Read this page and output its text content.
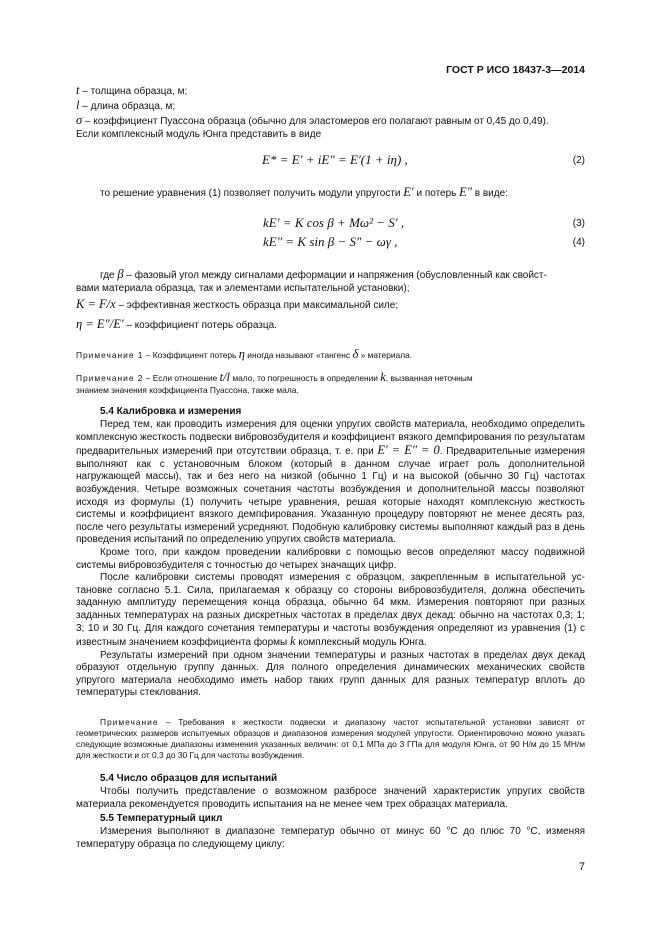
ГОСТ Р ИСО 18437-3—2014
t – толщина образца, м;
l – длина образца, м;
σ – коэффициент Пуассона образца (обычно для эластомеров его полагают равным от 0,45 до 0,49).
Если комплексный модуль Юнга представить в виде
E* = E′ + iE″ = E′(1 + iη) ,	(2)
то решение уравнения (1) позволяет получить модули упругости E′ и потерь E″ в виде:
kE′ = K cos β + Mω² − S′ ,	(3)
kE″ = K sin β − S″ − ωγ ,	(4)
где β – фазовый угол между сигналами деформации и напряжения (обусловленный как свойст-
вами материала образца, так и элементами испытательной установки);
K = F/x – эффективная жесткость образца при максимальной силе;
η = E″/E′ – коэффициент потерь образца.
Примечание 1 – Коэффициент потерь η иногда называют «тангенс δ » материала.
Примечание 2 – Если отношение t/l мало, то погрешность в определении k, вызванная неточным
знанием значения коэффициента Пуассона, также мала.
5.4 Калибровка и измерения

Перед тем, как проводить измерения для оценки упругих свойств материала, необходимо определить комплексную жесткость подвески вибровозбудителя и коэффициент вязкого демпфирования по результатам предварительных измерений при отсутствии образца, т. е. при E′ = E″ = 0. Предварительные измерения выполняют как с установочным блоком (который в данном случае играет роль дополнительной нагружающей массы), так и без него на низкой (обычно 1 Гц) и на высокой (обычно 30 Гц) частотах возбуждения. Четыре возможных сочетания частоты возбуждения и дополнительной массы позволяют исходя из формулы (1) получить четыре уравнения, решая которые находят комплексную жесткость системы и коэффициент вязкого демпфирования. Указанную процедуру повторяют не менее десять раз, после чего результаты измерений усредняют. Подобную калибровку системы выполняют каждый раз в день проведения испытаний по определению упругих свойств материала.

Кроме того, при каждом проведении калибровки с помощью весов определяют массу подвижной системы вибровозбудителя с точностью до четырех значащих цифр.

После калибровки системы проводят измерения с образцом, закрепленным в испытательной установке согласно 5.1. Сила, прилагаемая к образцу со стороны вибровозбудителя, должна обеспечить заданную амплитуду перемещения конца образца, обычно 64 мкм. Измерения повторяют при разных заданных температурах на разных дискретных частотах в пределах двух декад: обычно на частотах 0,3; 1; 3; 10 и 30 Гц. Для каждого сочетания температуры и частоты возбуждения определяют из уравнения (1) с известным значением коэффициента формы k комплексный модуль Юнга.

Результаты измерений при одном значении температуры и разных частотах в пределах двух декад образуют отдельную группу данных. Для полного определения динамических механических свойств упругого материала необходимо иметь набор таких групп данных для разных температур вплоть до температуры стеклования.

Примечание – Требования к жесткости подвески и диапазону частот испытательной установки зависят от геометрических размеров испытуемых образцов и диапазонов измерения модулей упругости. Ориентировочно можно указать следующие возможные диапазоны изменения указанных величин: от 0,1 МПа до 3 ГПа для модуля Юнга, от 90 Н/м до 15 МН/м для жесткости и от 0,3 до 30 Гц для частоты возбуждения.

5.4 Число образцов для испытаний

Чтобы получить представление о возможном разбросе значений характеристик упругих свойств материала рекомендуется проводить испытания на не менее чем трех образцах материала.

5.5 Температурный цикл

Измерения выполняют в диапазоне температур обычно от минус 60 °С до плюс 70 °С, изменяя температуру образца по следующему циклу:

7
